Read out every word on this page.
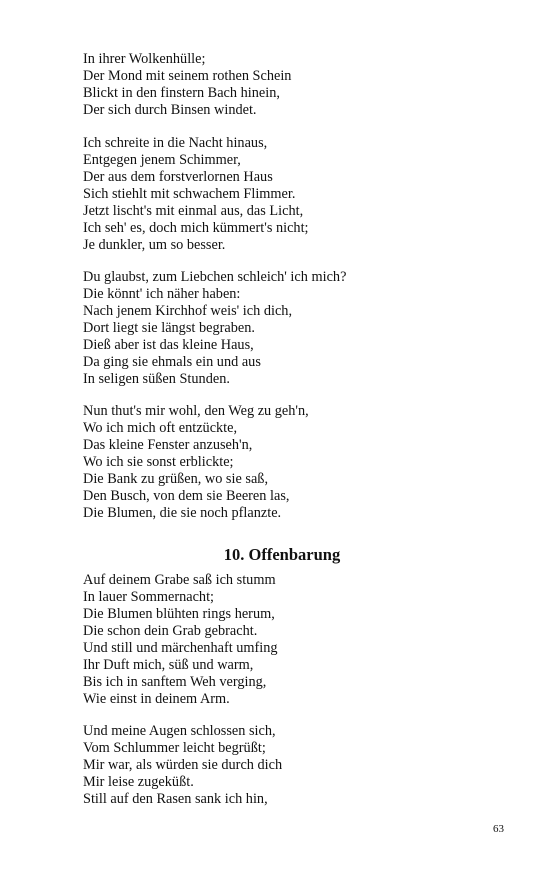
In ihrer Wolkenhülle;
Der Mond mit seinem rothen Schein
Blickt in den finstern Bach hinein,
Der sich durch Binsen windet.
Ich schreite in die Nacht hinaus,
Entgegen jenem Schimmer,
Der aus dem forstverlornen Haus
Sich stiehlt mit schwachem Flimmer.
Jetzt lischt's mit einmal aus, das Licht,
Ich seh' es, doch mich kümmert's nicht;
Je dunkler, um so besser.
Du glaubst, zum Liebchen schleich' ich mich?
Die könnt' ich näher haben:
Nach jenem Kirchhof weis' ich dich,
Dort liegt sie längst begraben.
Dieß aber ist das kleine Haus,
Da ging sie ehmals ein und aus
In seligen süßen Stunden.
Nun thut's mir wohl, den Weg zu geh'n,
Wo ich mich oft entzückte,
Das kleine Fenster anzuseh'n,
Wo ich sie sonst erblickte;
Die Bank zu grüßen, wo sie saß,
Den Busch, von dem sie Beeren las,
Die Blumen, die sie noch pflanzte.
10. Offenbarung
Auf deinem Grabe saß ich stumm
In lauer Sommernacht;
Die Blumen blühten rings herum,
Die schon dein Grab gebracht.
Und still und märchenhaft umfing
Ihr Duft mich, süß und warm,
Bis ich in sanftem Weh verging,
Wie einst in deinem Arm.
Und meine Augen schlossen sich,
Vom Schlummer leicht begrüßt;
Mir war, als würden sie durch dich
Mir leise zugeküßt.
Still auf den Rasen sank ich hin,
63
